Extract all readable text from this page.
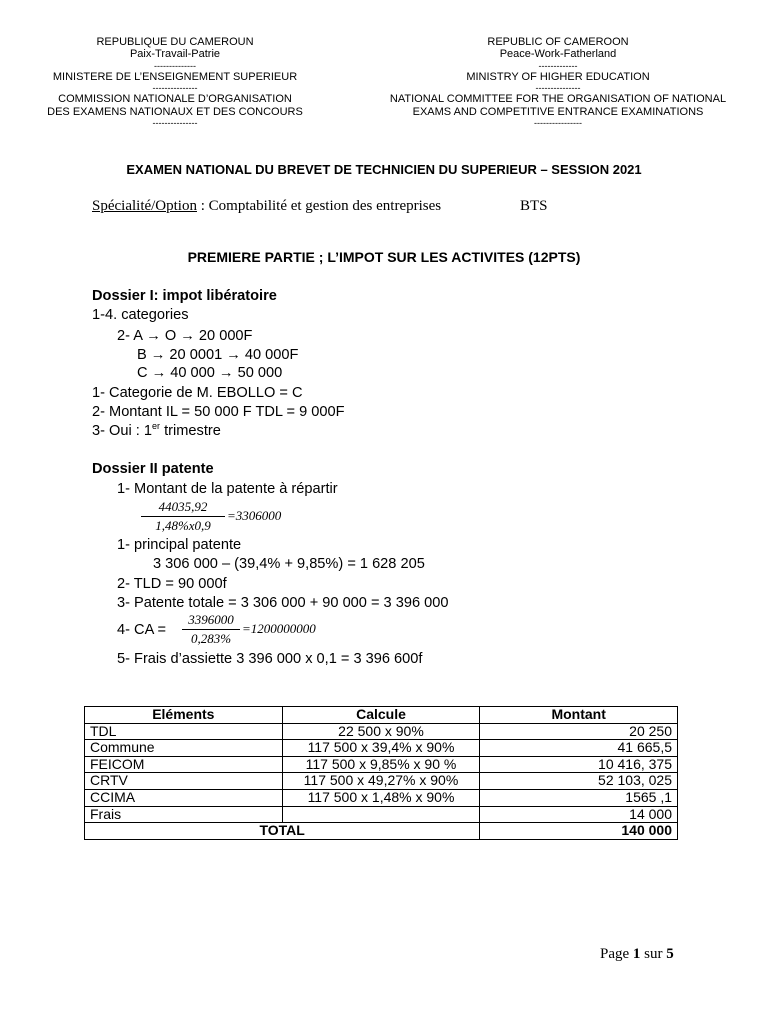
REPUBLIQUE DU CAMEROUN
Paix-Travail-Patrie
--------------
MINISTERE DE L’ENSEIGNEMENT SUPERIEUR
---------------
COMMISSION NATIONALE D’ORGANISATION
DES EXAMENS NATIONAUX ET DES CONCOURS
---------------
REPUBLIC OF CAMEROON
Peace-Work-Fatherland
-------------
MINISTRY OF HIGHER EDUCATION
---------------
NATIONAL COMMITTEE FOR THE ORGANISATION OF NATIONAL
EXAMS AND COMPETITIVE ENTRANCE EXAMINATIONS
----------------
EXAMEN NATIONAL DU BREVET DE TECHNICIEN DU SUPERIEUR – SESSION 2021
Spécialité/Option : Comptabilité et gestion des entreprises	BTS
PREMIERE PARTIE ; L’IMPOT SUR LES ACTIVITES (12PTS)
Dossier I: impot libératoire
1-4. categories
2- A → O → 20 000F
B → 20 0001 → 40 000F
C → 40 000 → 50 000
1- Categorie de M. EBOLLO = C
2- Montant IL = 50 000 F TDL = 9 000F
3- Oui : 1er trimestre
Dossier II patente
1- Montant de la patente à répartir
44035,92
1,48%x0,9
=3306000
1- principal patente
3 306 000 – (39,4% + 9,85%) = 1 628 205
2- TLD = 90 000f
3- Patente totale = 3 306 000 + 90 000 = 3 396 000
4- CA =
3396000
0,283%
=1200000000
5- Frais d’assiette 3 396 000 x 0,1 = 3 396 600f
Eléments	Calcule	Montant
TDL	22 500 x 90%	20 250
Commune	117 500 x 39,4% x 90%	41 665,5
FEICOM	117 500 x 9,85% x 90 %	10 416, 375
CRTV	117 500 x 49,27% x 90%	52 103, 025
CCIMA	117 500 x 1,48% x 90%	1565 ,1
Frais		14 000
TOTAL		140 000
Page 1 sur 5
